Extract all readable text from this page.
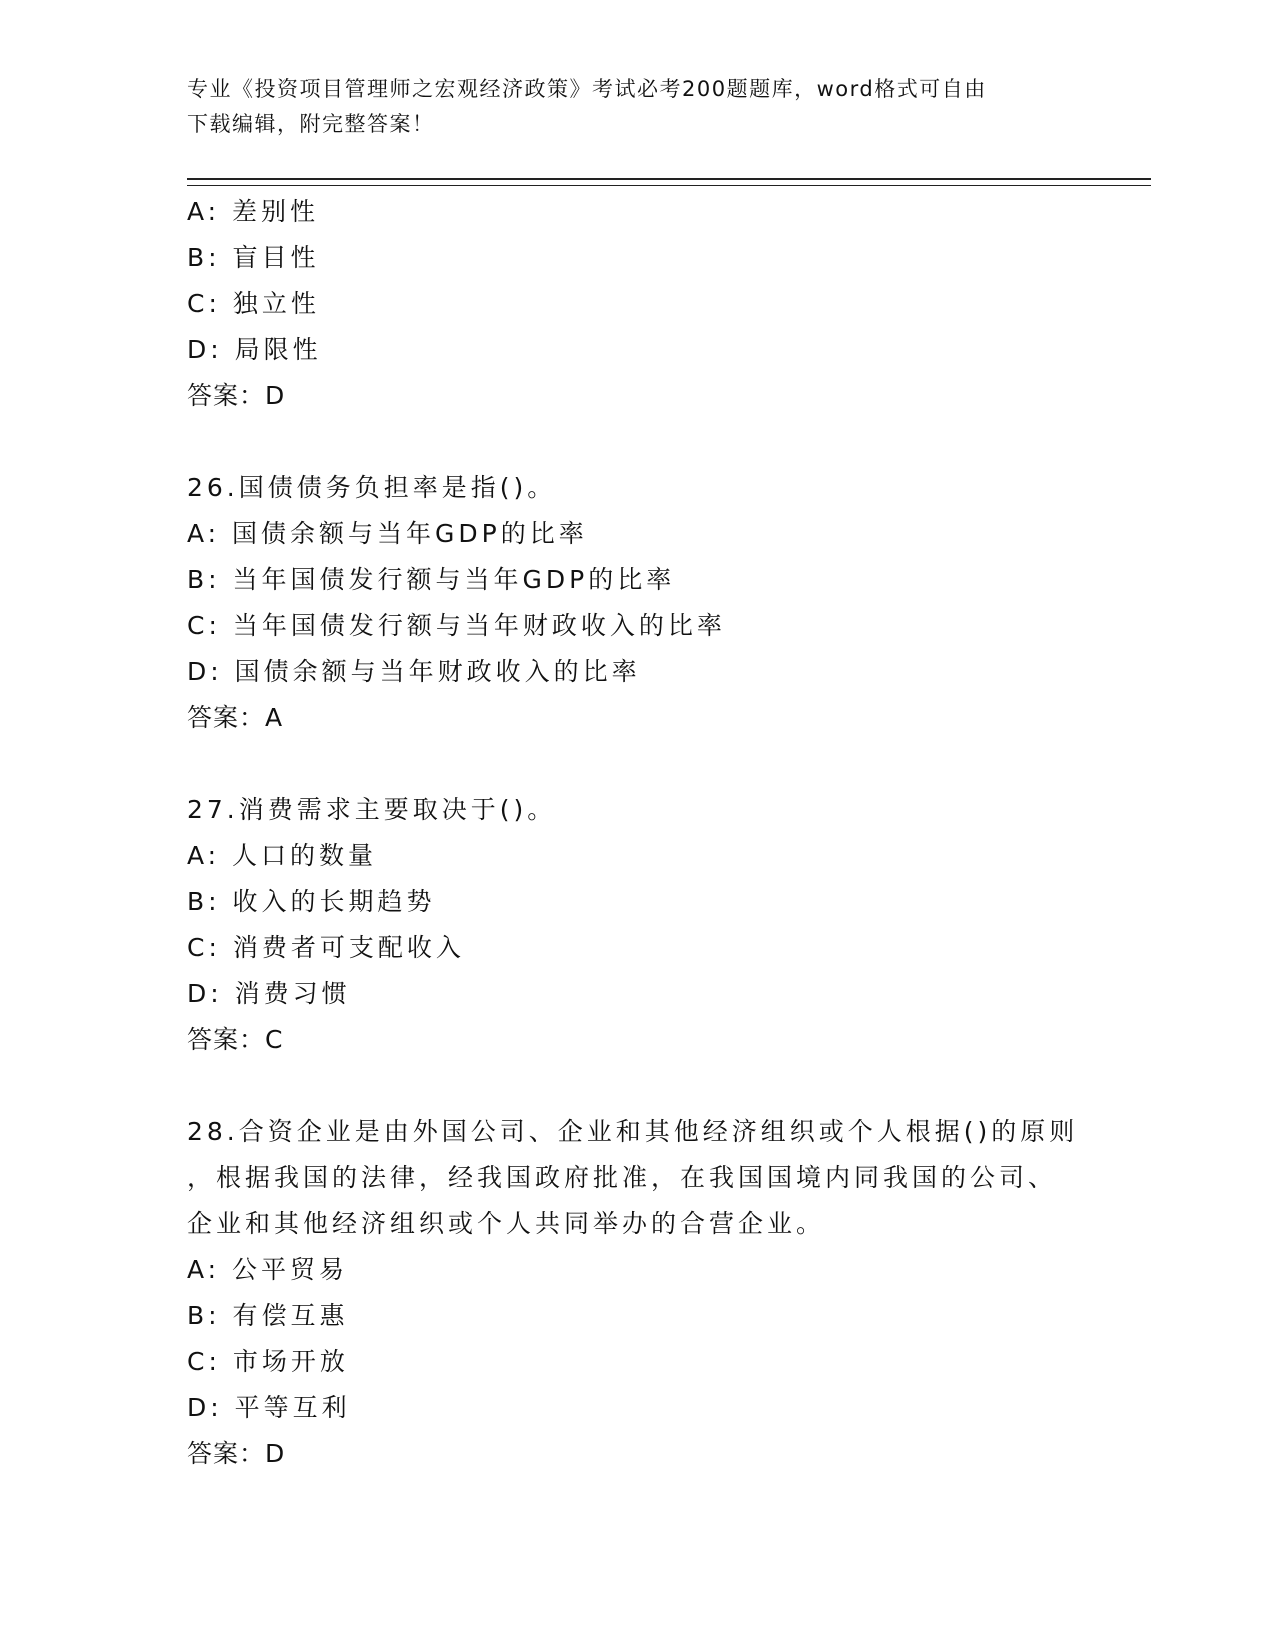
专业《投资项目管理师之宏观经济政策》考试必考200题题库，word格式可自由
下载编辑，附完整答案！
A: 差别性
B: 盲目性
C: 独立性
D: 局限性
答案：D
26.国债债务负担率是指()。
A: 国债余额与当年GDP的比率
B: 当年国债发行额与当年GDP的比率
C: 当年国债发行额与当年财政收入的比率
D: 国债余额与当年财政收入的比率
答案：A
27.消费需求主要取决于()。
A: 人口的数量
B: 收入的长期趋势
C: 消费者可支配收入
D: 消费习惯
答案：C
28.合资企业是由外国公司、企业和其他经济组织或个人根据()的原则
，根据我国的法律，经我国政府批准，在我国国境内同我国的公司、
企业和其他经济组织或个人共同举办的合营企业。
A: 公平贸易
B: 有偿互惠
C: 市场开放
D: 平等互利
答案：D
